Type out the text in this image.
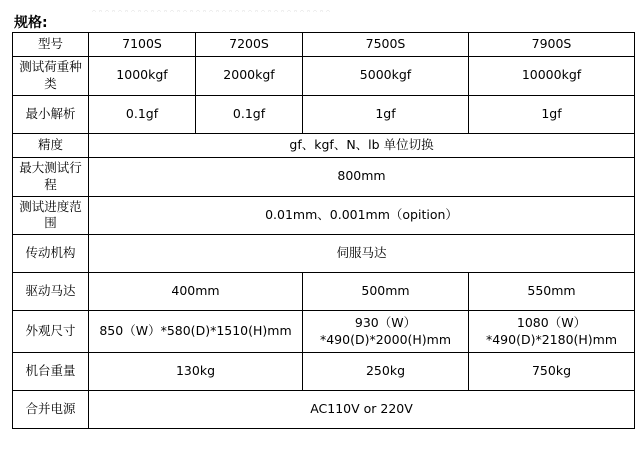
。。。。。。。。。。。。。。。。。。。。。。。。。。。。。。。。。。。。。
规格:
型号	7100S	7200S	7500S	7900S
测试荷重种类	1000kgf	2000kgf	5000kgf	10000kgf
最小解析	0.1gf	0.1gf	1gf	1gf
精度	gf、kgf、N、lb 单位切换			
最大测试行程	800mm			
测试进度范围	0.01mm、0.001mm（opition）			
传动机构	伺服马达			
驱动马达	400mm		500mm	550mm
外观尺寸	850（W）*580(D)*1510(H)mm		930（W）*490(D)*2000(H)mm	1080（W）*490(D)*2180(H)mm
机台重量	130kg		250kg	750kg
合并电源	AC110V or 220V			
